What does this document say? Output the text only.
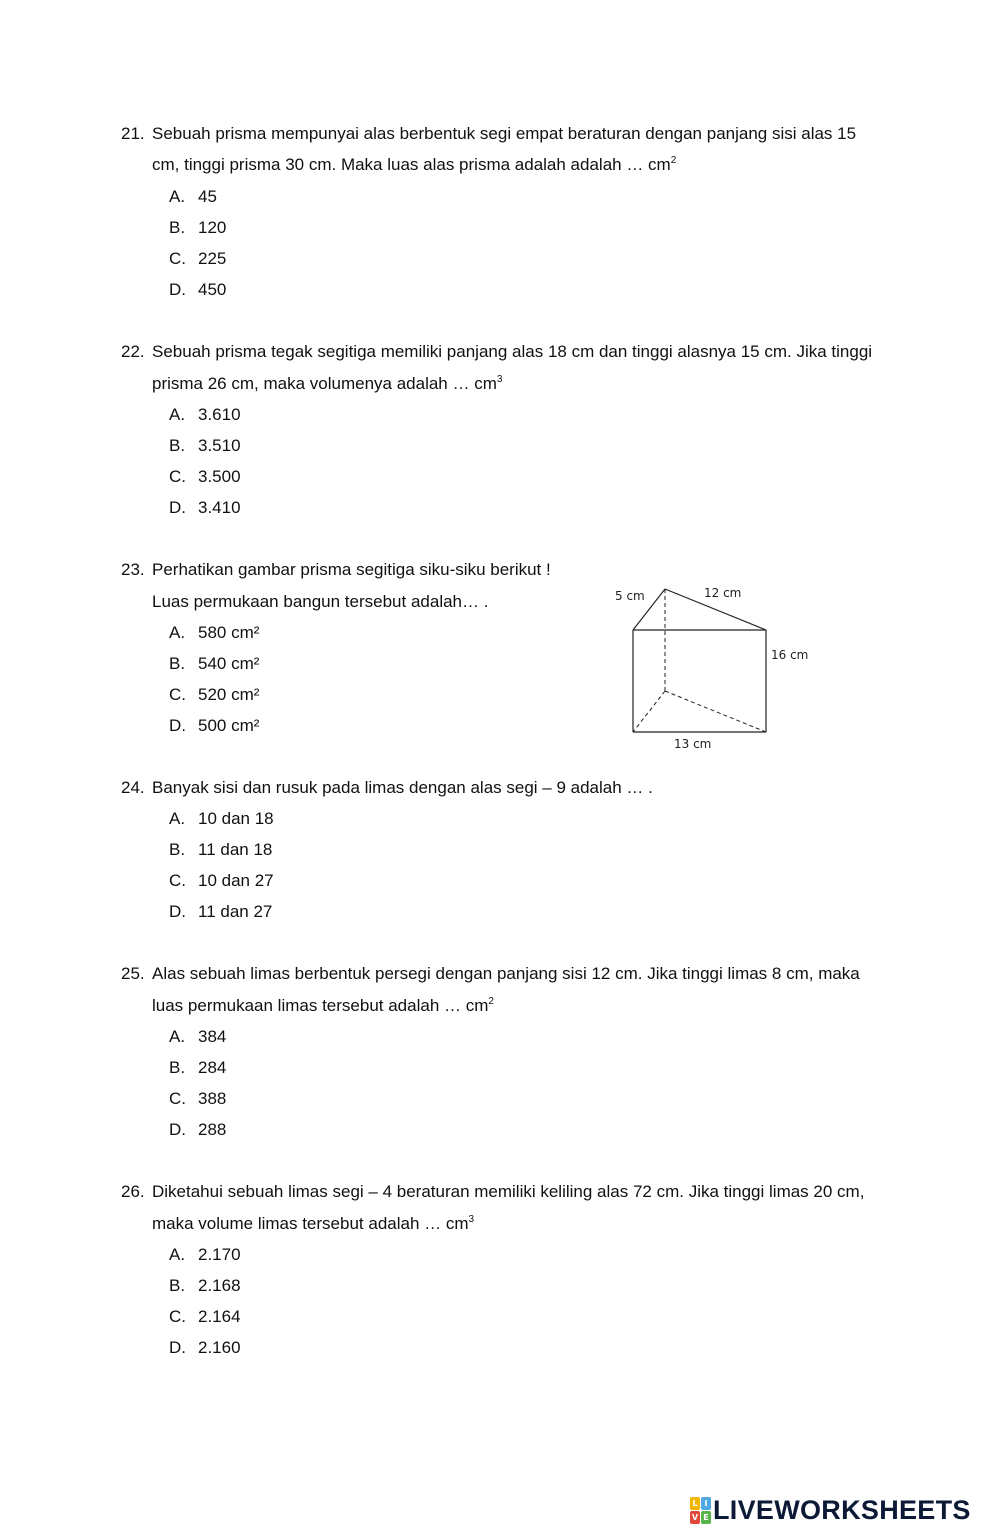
21. Sebuah prisma mempunyai alas berbentuk segi empat beraturan dengan panjang sisi alas 15
cm, tinggi prisma 30 cm. Maka luas alas prisma adalah adalah … $cm^2$
A. 45
B. 120
C. 225
D. 450
22. Sebuah prisma tegak segitiga memiliki panjang alas 18 cm dan tinggi alasnya 15 cm. Jika tinggi
prisma 26 cm, maka volumenya adalah … $cm^3$
A. 3.610
B. 3.510
C. 3.500
D. 3.410
23. Perhatikan gambar prisma segitiga siku-siku berikut !
Luas permukaan bangun tersebut adalah… .
A. 580 cm²
B. 540 cm²
C. 520 cm²
D. 500 cm²
5 cm	12 cm
16 cm
13 cm
24. Banyak sisi dan rusuk pada limas dengan alas segi – 9 adalah … .
A. 10 dan 18
B. 11 dan 18
C. 10 dan 27
D. 11 dan 27
25. Alas sebuah limas berbentuk persegi dengan panjang sisi 12 cm. Jika tinggi limas 8 cm, maka
luas permukaan limas tersebut adalah … $cm^2$
A. 384
B. 284
C. 388
D. 288
26. Diketahui sebuah limas segi – 4 beraturan memiliki keliling alas 72 cm. Jika tinggi limas 20 cm,
maka volume limas tersebut adalah … $cm^3$
A. 2.170
B. 2.168
C. 2.164
D. 2.160
L I
V E LIVEWORKSHEETS
